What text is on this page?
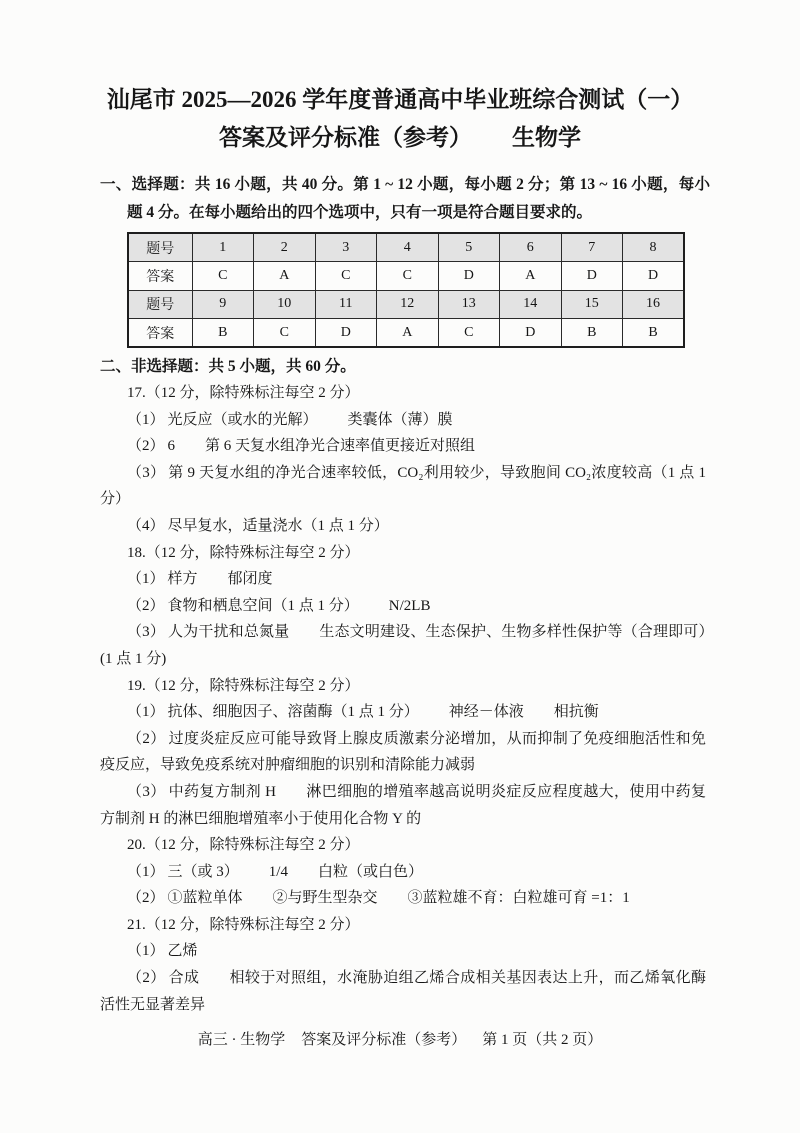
汕尾市 2025—2026 学年度普通高中毕业班综合测试（一）
答案及评分标准（参考） 生物学
一、选择题：共 16 小题，共 40 分。第 1 ~ 12 小题，每小题 2 分；第 13 ~ 16 小题，每小题 4 分。在每小题给出的四个选项中，只有一项是符合题目要求的。
题号	1	2	3	4	5	6	7	8
答案	C	A	C	C	D	A	D	D
题号	9	10	11	12	13	14	15	16
答案	B	C	D	A	C	D	B	B
二、非选择题：共 5 小题，共 60 分。
17.（12 分，除特殊标注每空 2 分）
（1） 光反应（或水的光解） 类囊体（薄）膜
（2） 6 第 6 天复水组净光合速率值更接近对照组
（3） 第 9 天复水组的净光合速率较低，CO₂利用较少，导致胞间 CO₂浓度较高（1 点 1 分）
（4） 尽早复水，适量浇水（1 点 1 分）
18.（12 分，除特殊标注每空 2 分）
（1） 样方 郁闭度
（2） 食物和栖息空间（1 点 1 分） N/2LB
（3） 人为干扰和总氮量 生态文明建设、生态保护、生物多样性保护等（合理即可）(1 点 1 分)
19.（12 分，除特殊标注每空 2 分）
（1） 抗体、细胞因子、溶菌酶（1 点 1 分） 神经－体液 相抗衡
（2） 过度炎症反应可能导致肾上腺皮质激素分泌增加，从而抑制了免疫细胞活性和免疫反应，导致免疫系统对肿瘤细胞的识别和清除能力减弱
（3） 中药复方制剂 H 淋巴细胞的增殖率越高说明炎症反应程度越大，使用中药复方制剂 H 的淋巴细胞增殖率小于使用化合物 Y 的
20.（12 分，除特殊标注每空 2 分）
（1） 三（或 3） 1/4 白粒（或白色）
（2） ①蓝粒单体 ②与野生型杂交 ③蓝粒雄不育：白粒雄可育 =1：1
21.（12 分，除特殊标注每空 2 分）
（1） 乙烯
（2） 合成 相较于对照组，水淹胁迫组乙烯合成相关基因表达上升，而乙烯氧化酶活性无显著差异
高三 · 生物学 答案及评分标准（参考） 第 1 页（共 2 页）
